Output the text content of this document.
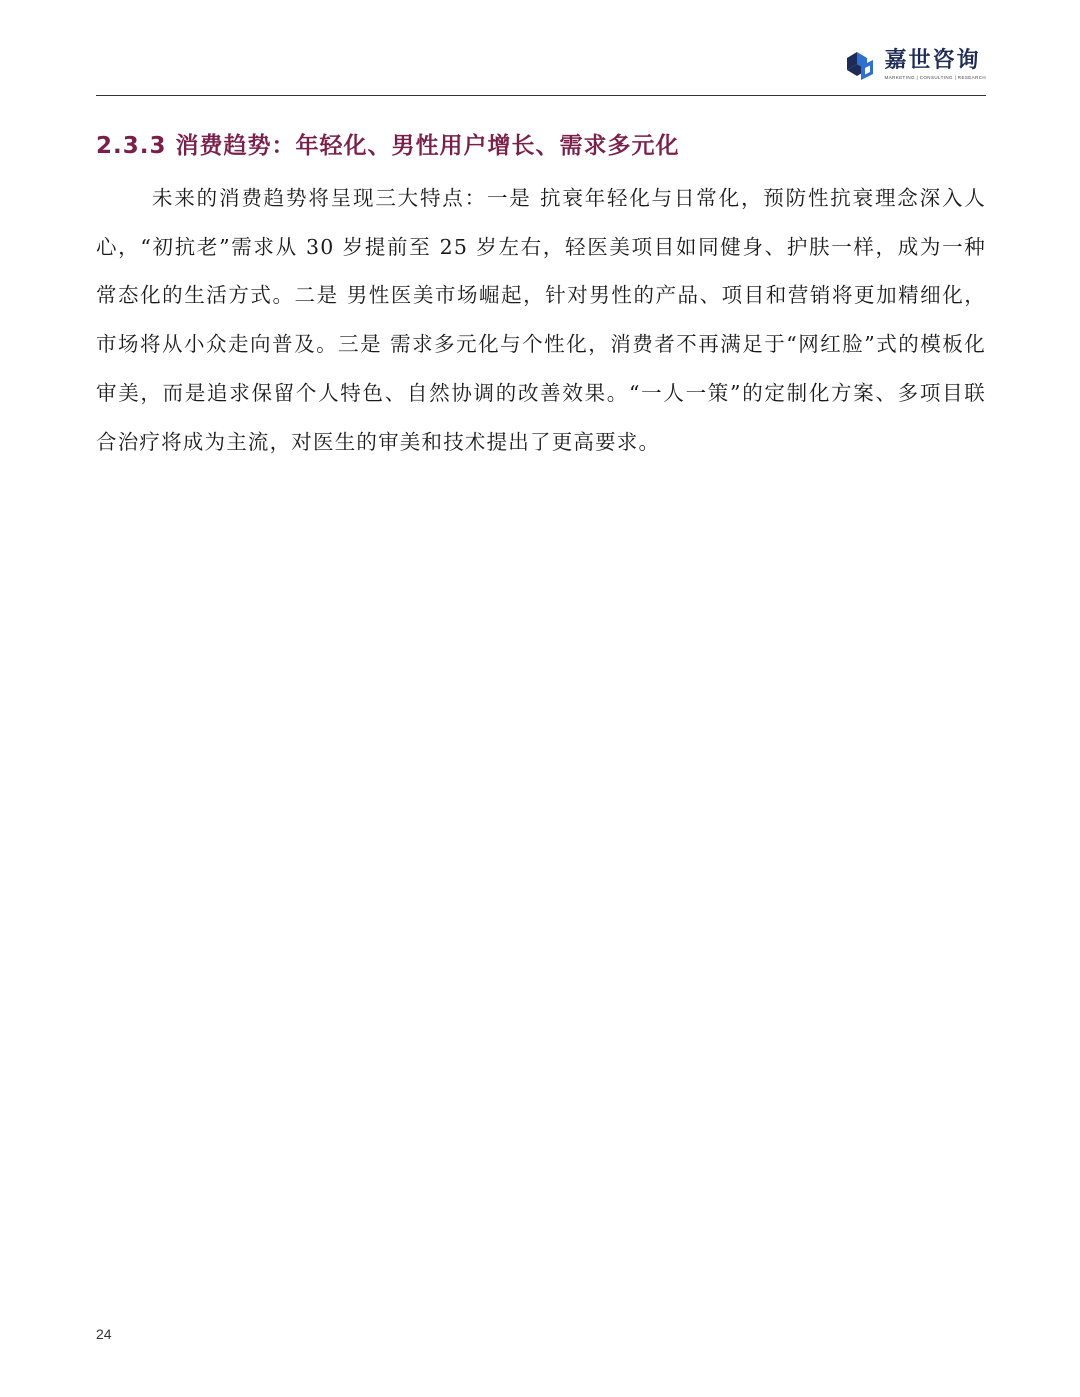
嘉世咨询
MARKETING | CONSULTING | RESEARCH
2.3.3 消费趋势：年轻化、男性用户增长、需求多元化

未来的消费趋势将呈现三大特点：一是 抗衰年轻化与日常化，预防性抗衰理念深入人心，“初抗老”需求从 30 岁提前至 25 岁左右，轻医美项目如同健身、护肤一样，成为一种常态化的生活方式。二是 男性医美市场崛起，针对男性的产品、项目和营销将更加精细化，市场将从小众走向普及。三是 需求多元化与个性化，消费者不再满足于“网红脸”式的模板化审美，而是追求保留个人特色、自然协调的改善效果。“一人一策”的定制化方案、多项目联合治疗将成为主流，对医生的审美和技术提出了更高要求。

24
